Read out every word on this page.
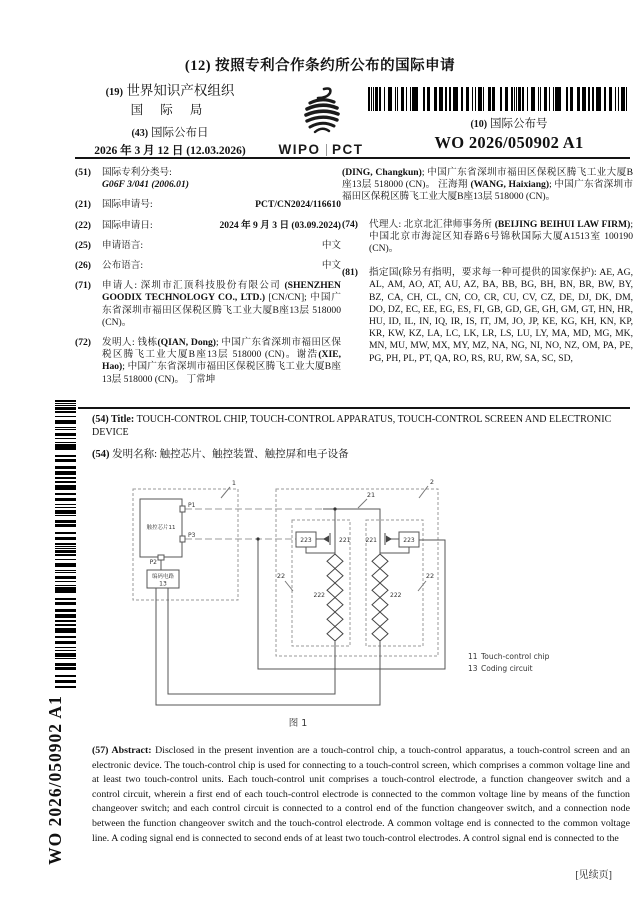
(12) 按照专利合作条约所公布的国际申请
(19) 世界知识产权组织
国 际 局
(43) 国际公布日
2026 年 3 月 12 日 (12.03.2026)	WIPO PCT
(10) 国际公布号
WO 2026/050902 A1
(51) 国际专利分类号:
G06F 3/041 (2006.01)
(21) 国际申请号:	PCT/CN2024/116610
(22) 国际申请日:	2024 年 9 月 3 日 (03.09.2024)
(25) 申请语言:	中文
(26) 公布语言:	中文

(71) 申请人: 深圳市汇顶科技股份有限公司 (SHENZHEN GOODIX TECHNOLOGY CO., LTD.) [CN/CN]; 中国广东省深圳市福田区保税区腾飞工业大厦B座13层 518000 (CN)。

(72) 发明人: 钱栋(QIAN, Dong); 中国广东省深圳市福田区保税区腾飞工业大厦B座13层 518000 (CN)。谢浩(XIE, Hao); 中国广东省深圳市福田区保税区腾飞工业大厦B座13层 518000 (CN)。 丁常坤

(DING, Changkun); 中国广东省深圳市福田区保税区腾飞工业大厦B座13层 518000 (CN)。 汪海翔 (WANG, Haixiang); 中国广东省深圳市福田区保税区腾飞工业大厦B座13层 518000 (CN)。

(74) 代理人: 北京北汇律师事务所 (BEIJING BEIHUI LAW FIRM); 中国北京市海淀区知春路6号锦秋国际大厦A1513室 100190 (CN)。

(81) 指定国(除另有指明，要求每一种可提供的国家保护): AE, AG, AL, AM, AO, AT, AU, AZ, BA, BB, BG, BH, BN, BR, BW, BY, BZ, CA, CH, CL, CN, CO, CR, CU, CV, CZ, DE, DJ, DK, DM, DO, DZ, EC, EE, EG, ES, FI, GB, GD, GE, GH, GM, GT, HN, HR, HU, ID, IL, IN, IQ, IR, IS, IT, JM, JO, JP, KE, KG, KH, KN, KP, KR, KW, KZ, LA, LC, LK, LR, LS, LU, LY, MA, MD, MG, MK, MN, MU, MW, MX, MY, MZ, NA, NG, NI, NO, NZ, OM, PA, PE, PG, PH, PL, PT, QA, RO, RS, RU, RW, SA, SC, SD,

(54) Title: TOUCH-CONTROL CHIP, TOUCH-CONTROL APPARATUS, TOUCH-CONTROL SCREEN AND ELECTRONIC DEVICE
(54) 发明名称: 触控芯片、触控装置、触控屏和电子设备
触控芯片11
编码电路
13
P1
P3
P2
1	2
21
22	22
221	221
222	222
223	223
11 Touch-control chip
13 Coding circuit
图 1
(57) Abstract: Disclosed in the present invention are a touch-control chip, a touch-control apparatus, a touch-control screen and an electronic device. The touch-control chip is used for connecting to a touch-control screen, which comprises a common voltage line and at least two touch-control units. Each touch-control unit comprises a touch-control electrode, a function changeover switch and a control circuit, wherein a first end of each touch-control electrode is connected to the common voltage line by means of the function changeover switch; and each control circuit is connected to a control end of the function changeover switch, and a connection node between the function changeover switch and the touch-control electrode. A common voltage end is connected to the common voltage line. A coding signal end is connected to second ends of at least two touch-control electrodes. A control signal end is connected to the
WO 2026/050902 A1
[见续页]
